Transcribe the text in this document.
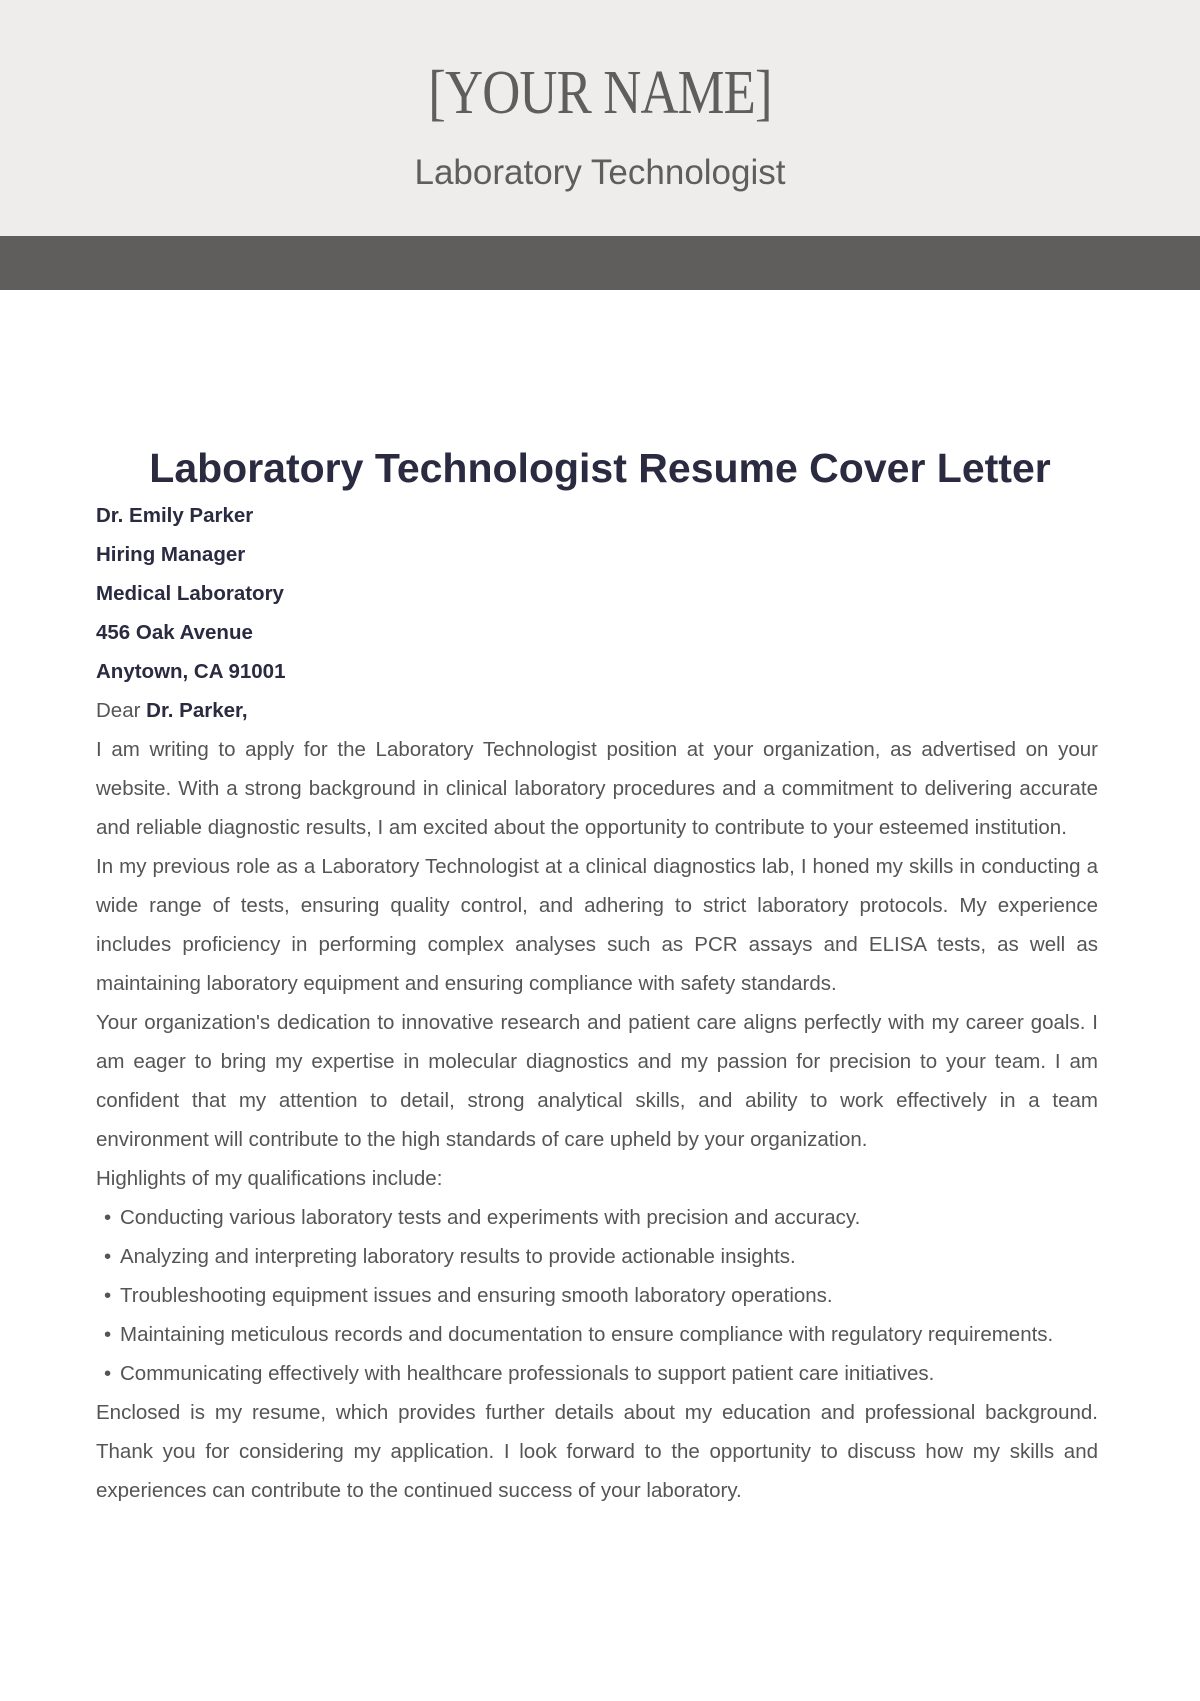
[YOUR NAME]
Laboratory Technologist
Laboratory Technologist Resume Cover Letter
Dr. Emily Parker
Hiring Manager
Medical Laboratory
456 Oak Avenue
Anytown, CA 91001
Dear Dr. Parker,

I am writing to apply for the Laboratory Technologist position at your organization, as advertised on your website. With a strong background in clinical laboratory procedures and a commitment to delivering accurate and reliable diagnostic results, I am excited about the opportunity to contribute to your esteemed institution.

In my previous role as a Laboratory Technologist at a clinical diagnostics lab, I honed my skills in conducting a wide range of tests, ensuring quality control, and adhering to strict laboratory protocols. My experience includes proficiency in performing complex analyses such as PCR assays and ELISA tests, as well as maintaining laboratory equipment and ensuring compliance with safety standards.

Your organization's dedication to innovative research and patient care aligns perfectly with my career goals. I am eager to bring my expertise in molecular diagnostics and my passion for precision to your team. I am confident that my attention to detail, strong analytical skills, and ability to work effectively in a team environment will contribute to the high standards of care upheld by your organization.

Highlights of my qualifications include:

• Conducting various laboratory tests and experiments with precision and accuracy.
• Analyzing and interpreting laboratory results to provide actionable insights.
• Troubleshooting equipment issues and ensuring smooth laboratory operations.
• Maintaining meticulous records and documentation to ensure compliance with regulatory requirements.
• Communicating effectively with healthcare professionals to support patient care initiatives.

Enclosed is my resume, which provides further details about my education and professional background. Thank you for considering my application. I look forward to the opportunity to discuss how my skills and experiences can contribute to the continued success of your laboratory.
